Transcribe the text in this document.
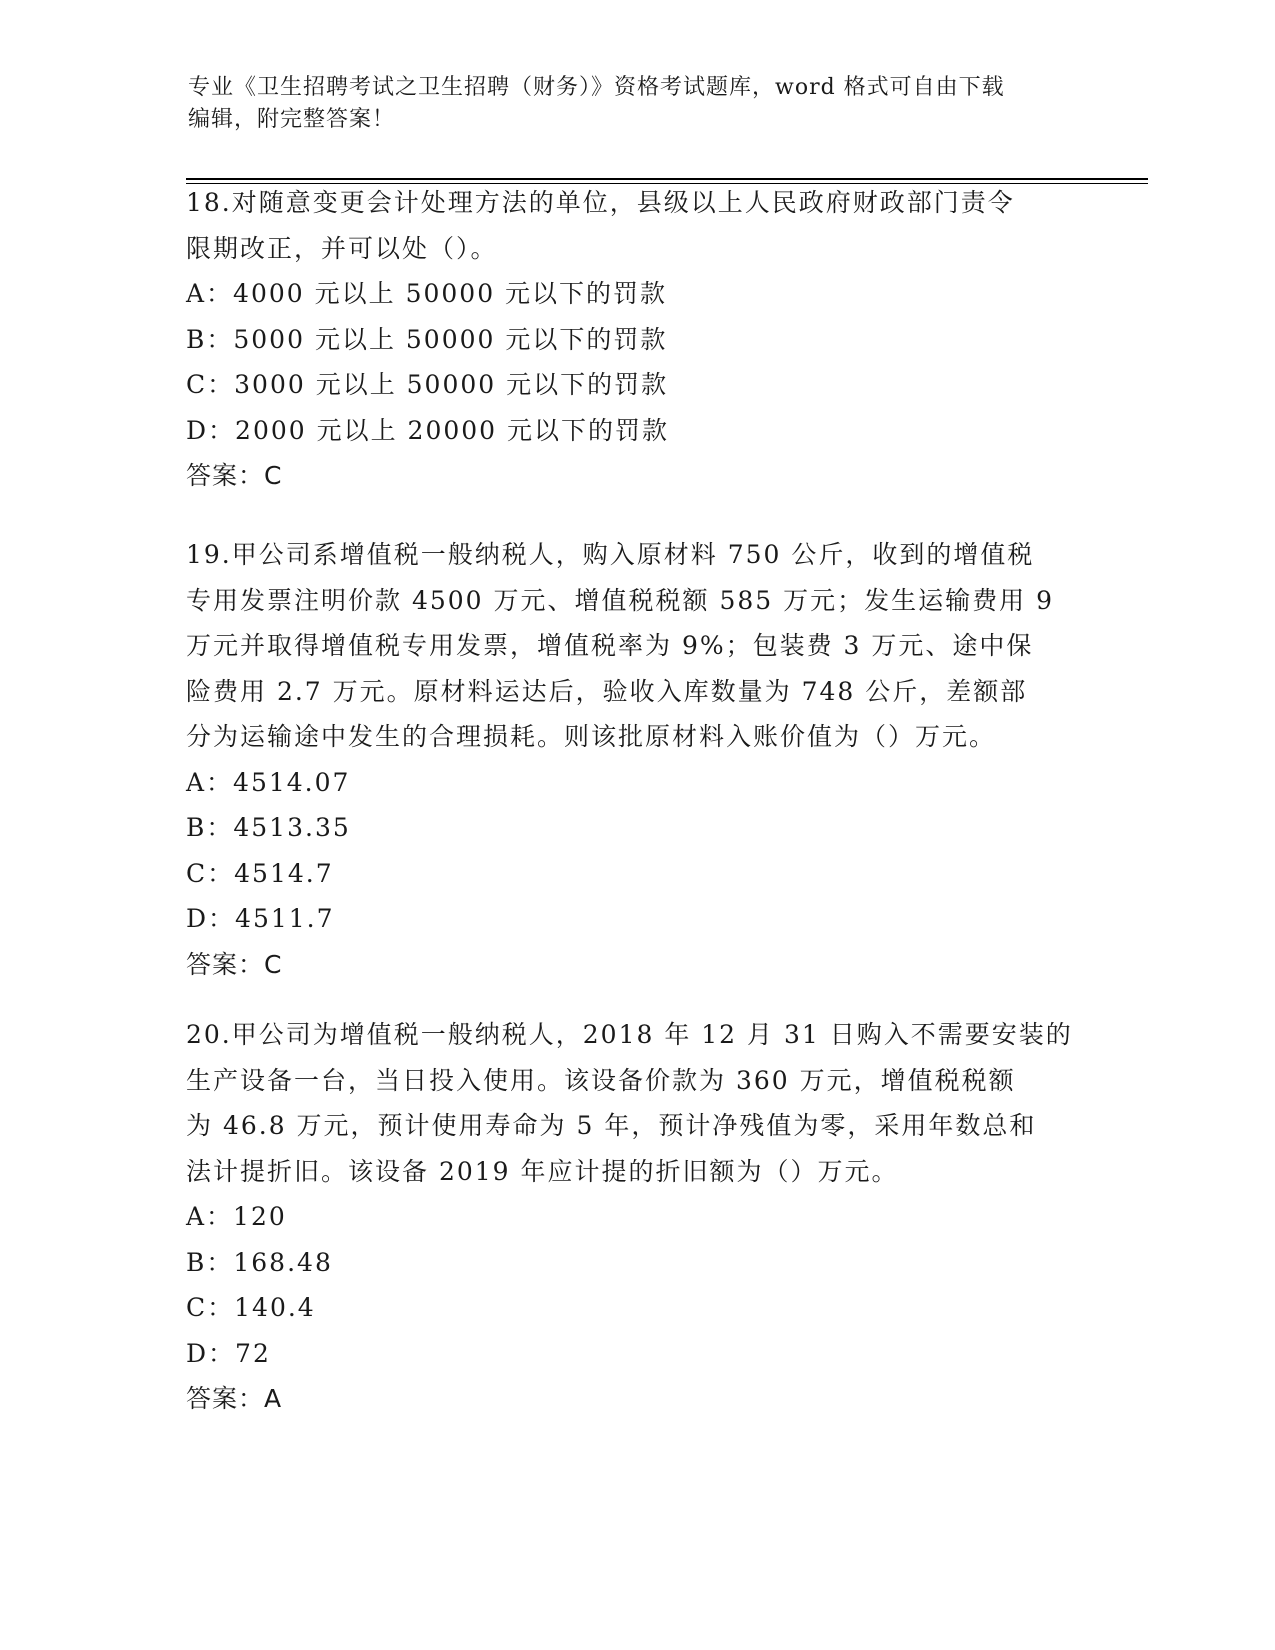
专业《卫生招聘考试之卫生招聘（财务）》资格考试题库，word 格式可自由下载
编辑，附完整答案！
18.对随意变更会计处理方法的单位，县级以上人民政府财政部门责令
限期改正，并可以处（）。
A：4000 元以上 50000 元以下的罚款
B：5000 元以上 50000 元以下的罚款
C：3000 元以上 50000 元以下的罚款
D：2000 元以上 20000 元以下的罚款
答案：C
19.甲公司系增值税一般纳税人，购入原材料 750 公斤，收到的增值税
专用发票注明价款 4500 万元、增值税税额 585 万元；发生运输费用 9
万元并取得增值税专用发票，增值税率为 9%；包装费 3 万元、途中保
险费用 2.7 万元。原材料运达后，验收入库数量为 748 公斤，差额部
分为运输途中发生的合理损耗。则该批原材料入账价值为（）万元。
A：4514.07
B：4513.35
C：4514.7
D：4511.7
答案：C
20.甲公司为增值税一般纳税人，2018 年 12 月 31 日购入不需要安装的
生产设备一台，当日投入使用。该设备价款为 360 万元，增值税税额
为 46.8 万元，预计使用寿命为 5 年，预计净残值为零，采用年数总和
法计提折旧。该设备 2019 年应计提的折旧额为（）万元。
A：120
B：168.48
C：140.4
D：72
答案：A
